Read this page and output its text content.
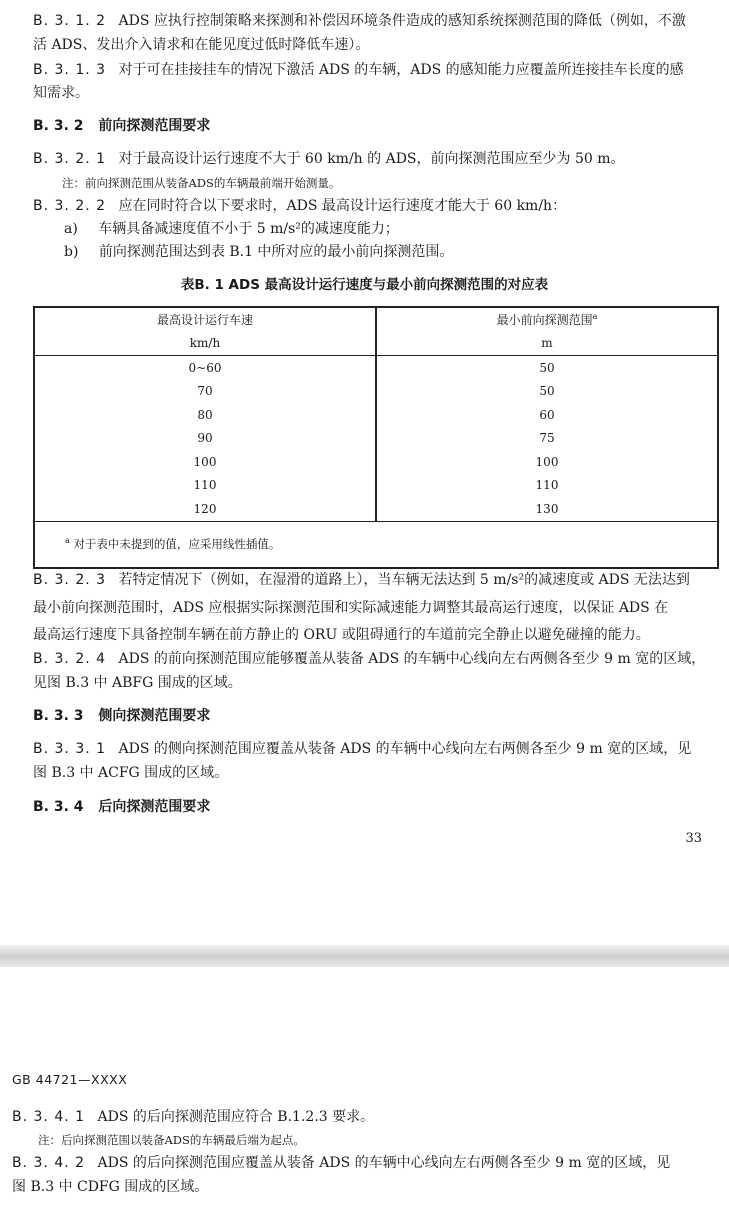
B. 3. 1. 2 ADS 应执行控制策略来探测和补偿因环境条件造成的感知系统探测范围的降低（例如，不激
活 ADS、发出介入请求和在能见度过低时降低车速）。
B. 3. 1. 3 对于可在挂接挂车的情况下激活 ADS 的车辆，ADS 的感知能力应覆盖所连接挂车长度的感
知需求。
B. 3. 2 前向探测范围要求
B. 3. 2. 1 对于最高设计运行速度不大于 60 km/h 的 ADS，前向探测范围应至少为 50 m。
注：前向探测范围从装备ADS的车辆最前端开始测量。
B. 3. 2. 2 应在同时符合以下要求时，ADS 最高设计运行速度才能大于 60 km/h：
a) 车辆具备减速度值不小于 5 m/s²的减速度能力；
b) 前向探测范围达到表 B.1 中所对应的最小前向探测范围。
表B. 1 ADS 最高设计运行速度与最小前向探测范围的对应表
最高设计运行车速	最小前向探测范围$^a$
km/h	m
0~60	50
70	50
80	60
90	75
100	100
110	110
120	130
$^a$ 对于表中未提到的值，应采用线性插值。	
B. 3. 2. 3 若特定情况下（例如，在湿滑的道路上），当车辆无法达到 5 m/s²的减速度或 ADS 无法达到
最小前向探测范围时，ADS 应根据实际探测范围和实际减速能力调整其最高运行速度，以保证 ADS 在
最高运行速度下具备控制车辆在前方静止的 ORU 或阻碍通行的车道前完全静止以避免碰撞的能力。
B. 3. 2. 4 ADS 的前向探测范围应能够覆盖从装备 ADS 的车辆中心线向左右两侧各至少 9 m 宽的区域，
见图 B.3 中 ABFG 围成的区域。
B. 3. 3 侧向探测范围要求
B. 3. 3. 1 ADS 的侧向探测范围应覆盖从装备 ADS 的车辆中心线向左右两侧各至少 9 m 宽的区域，见
图 B.3 中 ACFG 围成的区域。
B. 3. 4 后向探测范围要求
33
GB 44721—XXXX
B. 3. 4. 1 ADS 的后向探测范围应符合 B.1.2.3 要求。
注：后向探测范围以装备ADS的车辆最后端为起点。
B. 3. 4. 2 ADS 的后向探测范围应覆盖从装备 ADS 的车辆中心线向左右两侧各至少 9 m 宽的区域，见
图 B.3 中 CDFG 围成的区域。
